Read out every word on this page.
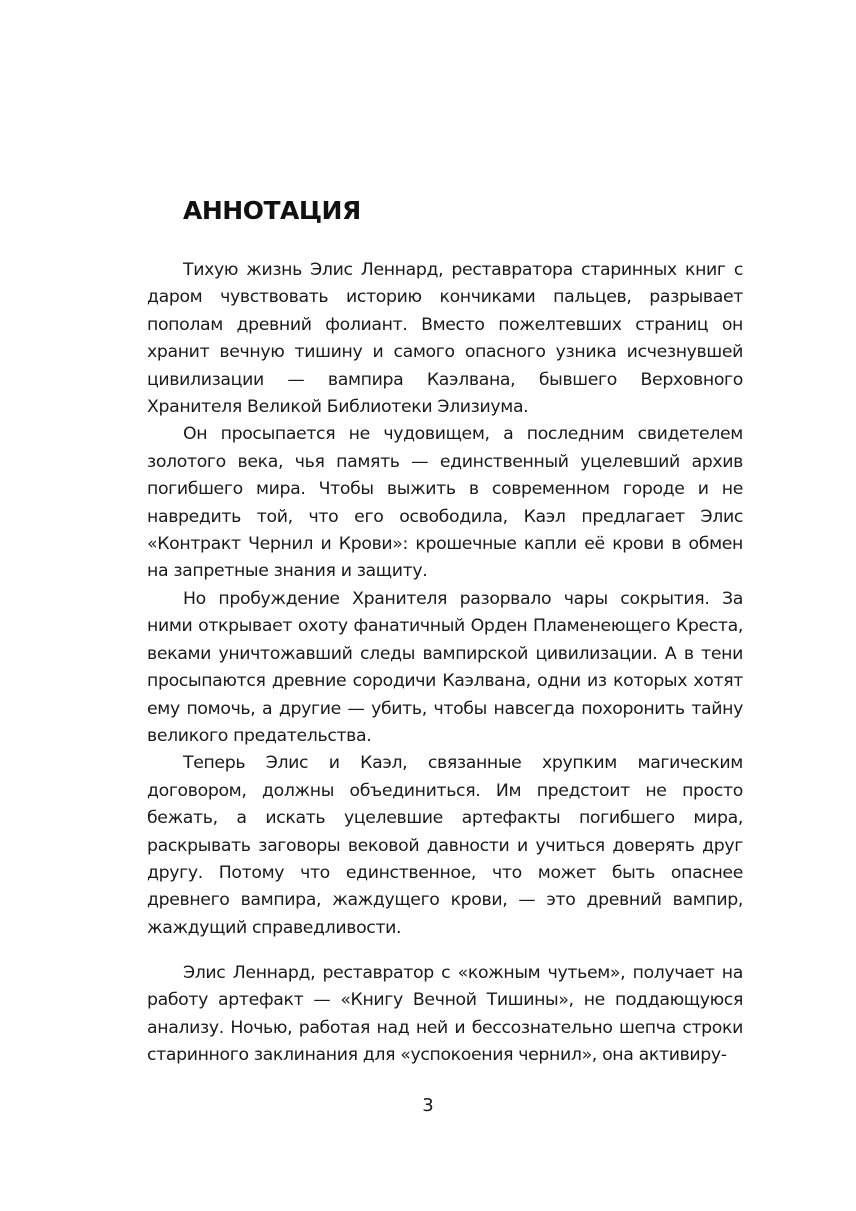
АННОТАЦИЯ

Тихую жизнь Элис Леннард, реставратора старинных книг с даром чувствовать историю кончиками пальцев, разрывает пополам древний фолиант. Вместо пожелтевших страниц он хранит вечную тишину и самого опасного узника исчезнувшей цивилизации — вампира Каэлвана, бывшего Верховного Хранителя Великой Библиотеки Элизиума.

Он просыпается не чудовищем, а последним свидетелем золотого века, чья память — единственный уцелевший архив погибшего мира. Чтобы выжить в современном городе и не навредить той, что его освободила, Каэл предлагает Элис «Контракт Чернил и Крови»: крошечные капли её крови в обмен на запретные знания и защиту.

Но пробуждение Хранителя разорвало чары сокрытия. За ними открывает охоту фанатичный Орден Пламенеющего Креста, веками уничтожавший следы вампирской цивилизации. А в тени просыпаются древние сородичи Каэлвана, одни из которых хотят ему помочь, а другие — убить, чтобы навсегда похоронить тайну великого предательства.

Теперь Элис и Каэл, связанные хрупким магическим договором, должны объединиться. Им предстоит не просто бежать, а искать уцелевшие артефакты погибшего мира, раскрывать заговоры вековой давности и учиться доверять друг другу. Потому что единственное, что может быть опаснее древнего вампира, жаждущего крови, — это древний вампир, жаждущий справедливости.

Элис Леннард, реставратор с «кожным чутьем», получает на работу артефакт — «Книгу Вечной Тишины», не поддающуюся анализу. Ночью, работая над ней и бессознательно шепча строки старинного заклинания для «успокоения чернил», она активиру-

3
